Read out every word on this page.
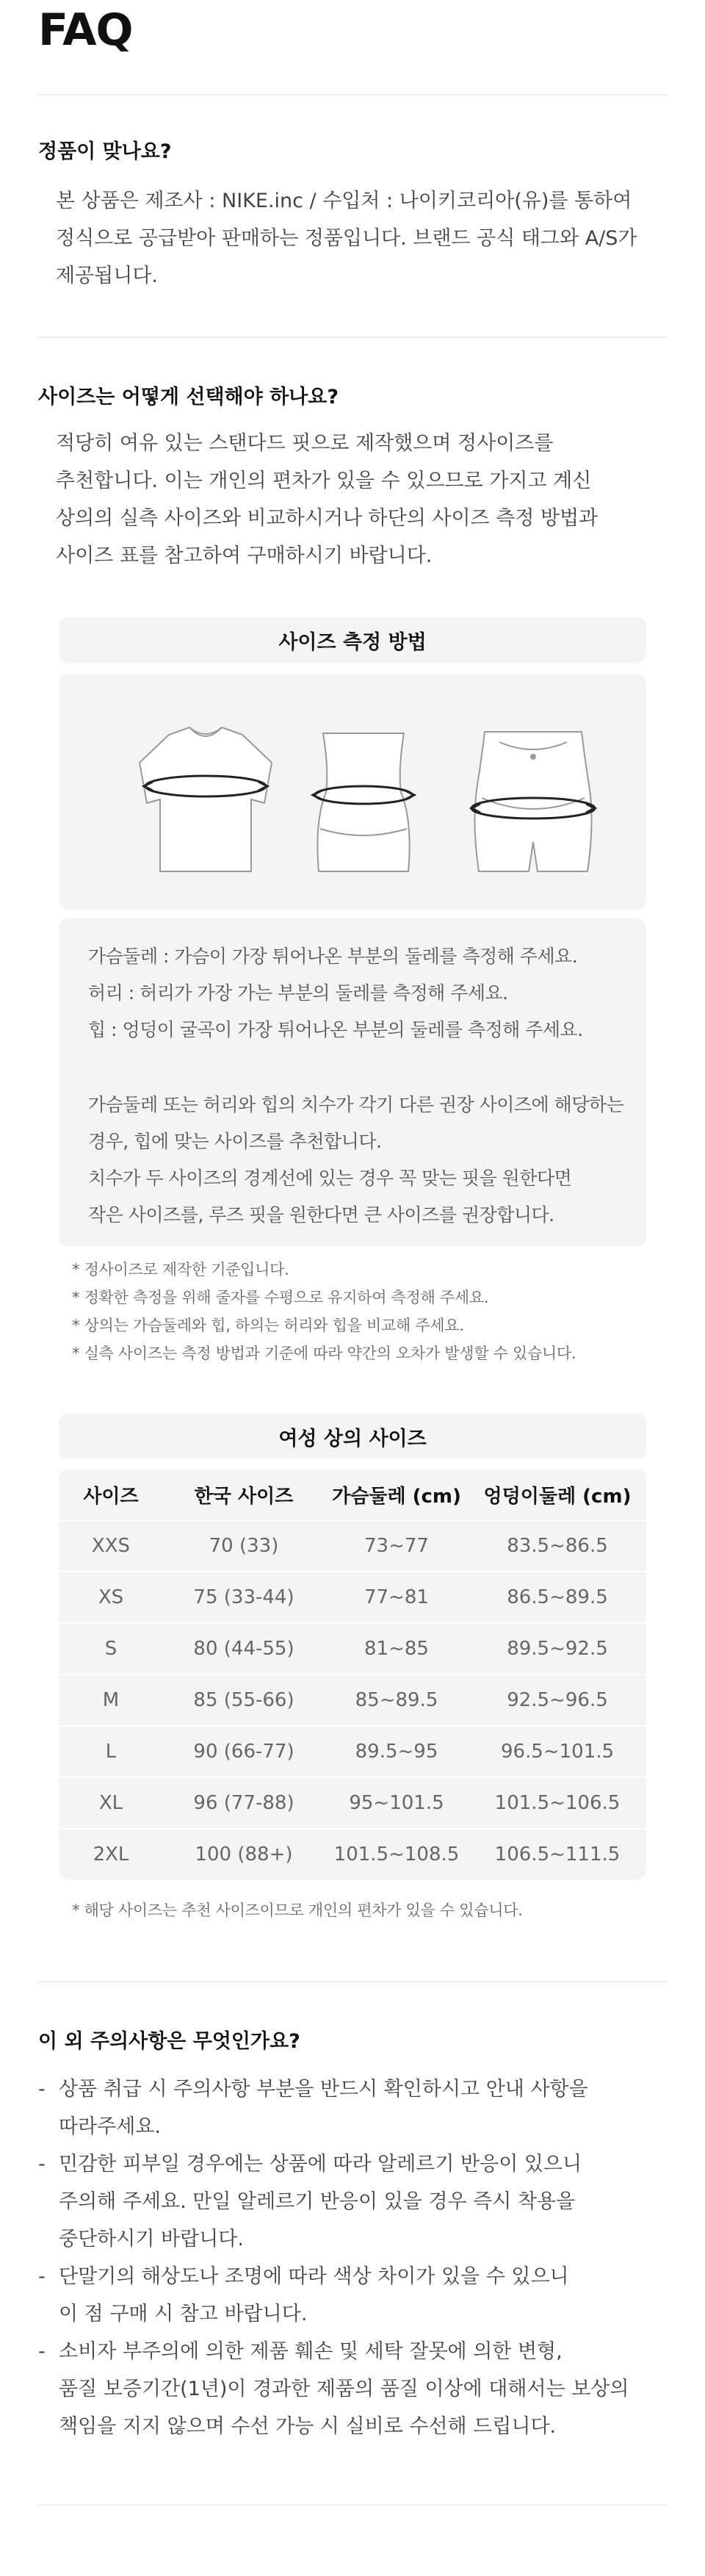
FAQ
정품이 맞나요?
본 상품은 제조사 : NIKE.inc / 수입처 : 나이키코리아(유)를 통하여
정식으로 공급받아 판매하는 정품입니다. 브랜드 공식 태그와 A/S가
제공됩니다.
사이즈는 어떻게 선택해야 하나요?
적당히 여유 있는 스탠다드 핏으로 제작했으며 정사이즈를
추천합니다. 이는 개인의 편차가 있을 수 있으므로 가지고 계신
상의의 실측 사이즈와 비교하시거나 하단의 사이즈 측정 방법과
사이즈 표를 참고하여 구매하시기 바랍니다.
사이즈 측정 방법
가슴둘레 : 가슴이 가장 튀어나온 부분의 둘레를 측정해 주세요.
허리 : 허리가 가장 가는 부분의 둘레를 측정해 주세요.
힙 : 엉덩이 굴곡이 가장 튀어나온 부분의 둘레를 측정해 주세요.
가슴둘레 또는 허리와 힙의 치수가 각기 다른 권장 사이즈에 해당하는
경우, 힙에 맞는 사이즈를 추천합니다.
치수가 두 사이즈의 경계선에 있는 경우 꼭 맞는 핏을 원한다면
작은 사이즈를, 루즈 핏을 원한다면 큰 사이즈를 권장합니다.
* 정사이즈로 제작한 기준입니다.
* 정확한 측정을 위해 줄자를 수평으로 유지하여 측정해 주세요.
* 상의는 가슴둘레와 힙, 하의는 허리와 힙을 비교해 주세요.
* 실측 사이즈는 측정 방법과 기준에 따라 약간의 오차가 발생할 수 있습니다.
여성 상의 사이즈
사이즈	한국 사이즈	가슴둘레 (cm)	엉덩이둘레 (cm)
XXS	70 (33)	73~77	83.5~86.5
XS	75 (33-44)	77~81	86.5~89.5
S	80 (44-55)	81~85	89.5~92.5
M	85 (55-66)	85~89.5	92.5~96.5
L	90 (66-77)	89.5~95	96.5~101.5
XL	96 (77-88)	95~101.5	101.5~106.5
2XL	100 (88+)	101.5~108.5	106.5~111.5
* 해당 사이즈는 추천 사이즈이므로 개인의 편차가 있을 수 있습니다.
이 외 주의사항은 무엇인가요?
- 상품 취급 시 주의사항 부분을 반드시 확인하시고 안내 사항을
따라주세요.
- 민감한 피부일 경우에는 상품에 따라 알레르기 반응이 있으니
주의해 주세요. 만일 알레르기 반응이 있을 경우 즉시 착용을
중단하시기 바랍니다.
- 단말기의 해상도나 조명에 따라 색상 차이가 있을 수 있으니
이 점 구매 시 참고 바랍니다.
- 소비자 부주의에 의한 제품 훼손 및 세탁 잘못에 의한 변형,
품질 보증기간(1년)이 경과한 제품의 품질 이상에 대해서는 보상의
책임을 지지 않으며 수선 가능 시 실비로 수선해 드립니다.
